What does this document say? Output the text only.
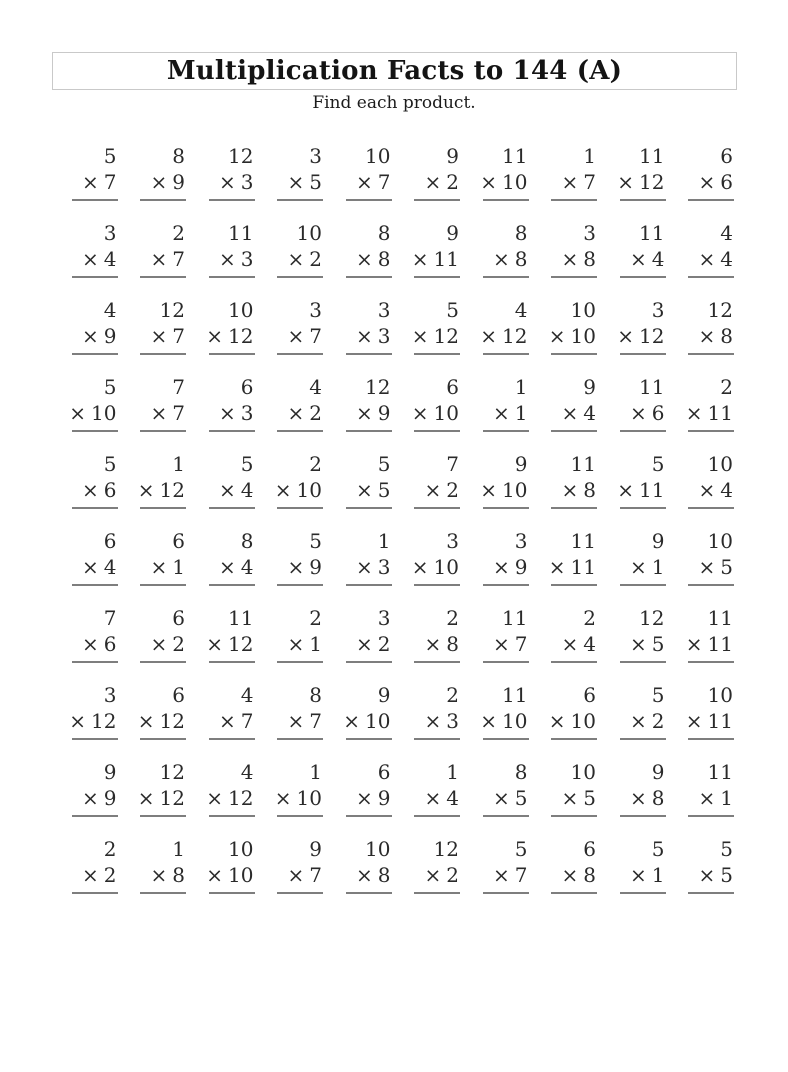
Multiplication Facts to 144 (A)

Find each product.

5
× 7
8
× 9
12
× 3
3
× 5
10
× 7
9
× 2
11
× 10
1
× 7
11
× 12
6
× 6
3
× 4
2
× 7
11
× 3
10
× 2
8
× 8
9
× 11
8
× 8
3
× 8
11
× 4
4
× 4
4
× 9
12
× 7
10
× 12
3
× 7
3
× 3
5
× 12
4
× 12
10
× 10
3
× 12
12
× 8
5
× 10
7
× 7
6
× 3
4
× 2
12
× 9
6
× 10
1
× 1
9
× 4
11
× 6
2
× 11
5
× 6
1
× 12
5
× 4
2
× 10
5
× 5
7
× 2
9
× 10
11
× 8
5
× 11
10
× 4
6
× 4
6
× 1
8
× 4
5
× 9
1
× 3
3
× 10
3
× 9
11
× 11
9
× 1
10
× 5
7
× 6
6
× 2
11
× 12
2
× 1
3
× 2
2
× 8
11
× 7
2
× 4
12
× 5
11
× 11
3
× 12
6
× 12
4
× 7
8
× 7
9
× 10
2
× 3
11
× 10
6
× 10
5
× 2
10
× 11
9
× 9
12
× 12
4
× 12
1
× 10
6
× 9
1
× 4
8
× 5
10
× 5
9
× 8
11
× 1
2
× 2
1
× 8
10
× 10
9
× 7
10
× 8
12
× 2
5
× 7
6
× 8
5
× 1
5
× 5
